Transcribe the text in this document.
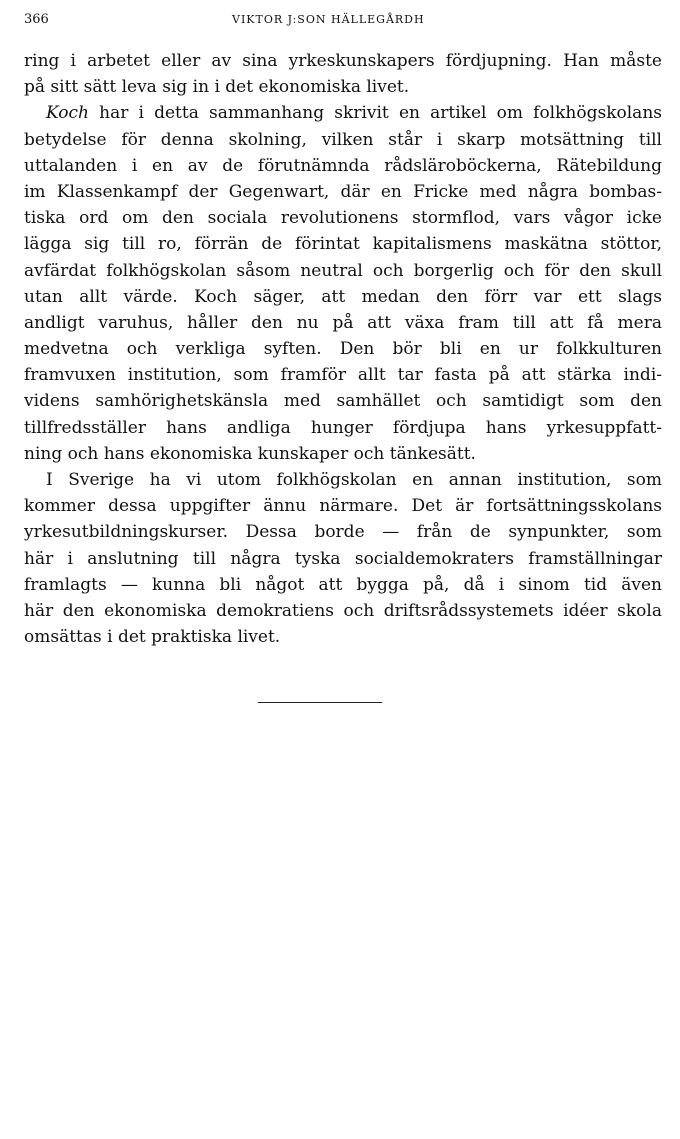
366	VIKTOR J:SON HÄLLEGÅRDH
ring i arbetet eller av sina yrkeskunskapers fördjupning. Han måste
på sitt sätt leva sig in i det ekonomiska livet.
Koch har i detta sammanhang skrivit en artikel om folkhögskolans
betydelse för denna skolning, vilken står i skarp motsättning till
uttalanden i en av de förutnämnda rådsläroböckerna, Rätebildung
im Klassenkampf der Gegenwart, där en Fricke med några bombas-
tiska ord om den sociala revolutionens stormflod, vars vågor icke
lägga sig till ro, förrän de förintat kapitalismens maskätna stöttor,
avfärdat folkhögskolan såsom neutral och borgerlig och för den skull
utan allt värde. Koch säger, att medan den förr var ett slags
andligt varuhus, håller den nu på att växa fram till att få mera
medvetna och verkliga syften. Den bör bli en ur folkkulturen
framvuxen institution, som framför allt tar fasta på att stärka indi-
videns samhörighetskänsla med samhället och samtidigt som den
tillfredsställer hans andliga hunger fördjupa hans yrkesuppfatt-
ning och hans ekonomiska kunskaper och tänkesätt.
I Sverige ha vi utom folkhögskolan en annan institution, som
kommer dessa uppgifter ännu närmare. Det är fortsättningsskolans
yrkesutbildningskurser. Dessa borde — från de synpunkter, som
här i anslutning till några tyska socialdemokraters framställningar
framlagts — kunna bli något att bygga på, då i sinom tid även
här den ekonomiska demokratiens och driftsrådssystemets idéer skola
omsättas i det praktiska livet.
